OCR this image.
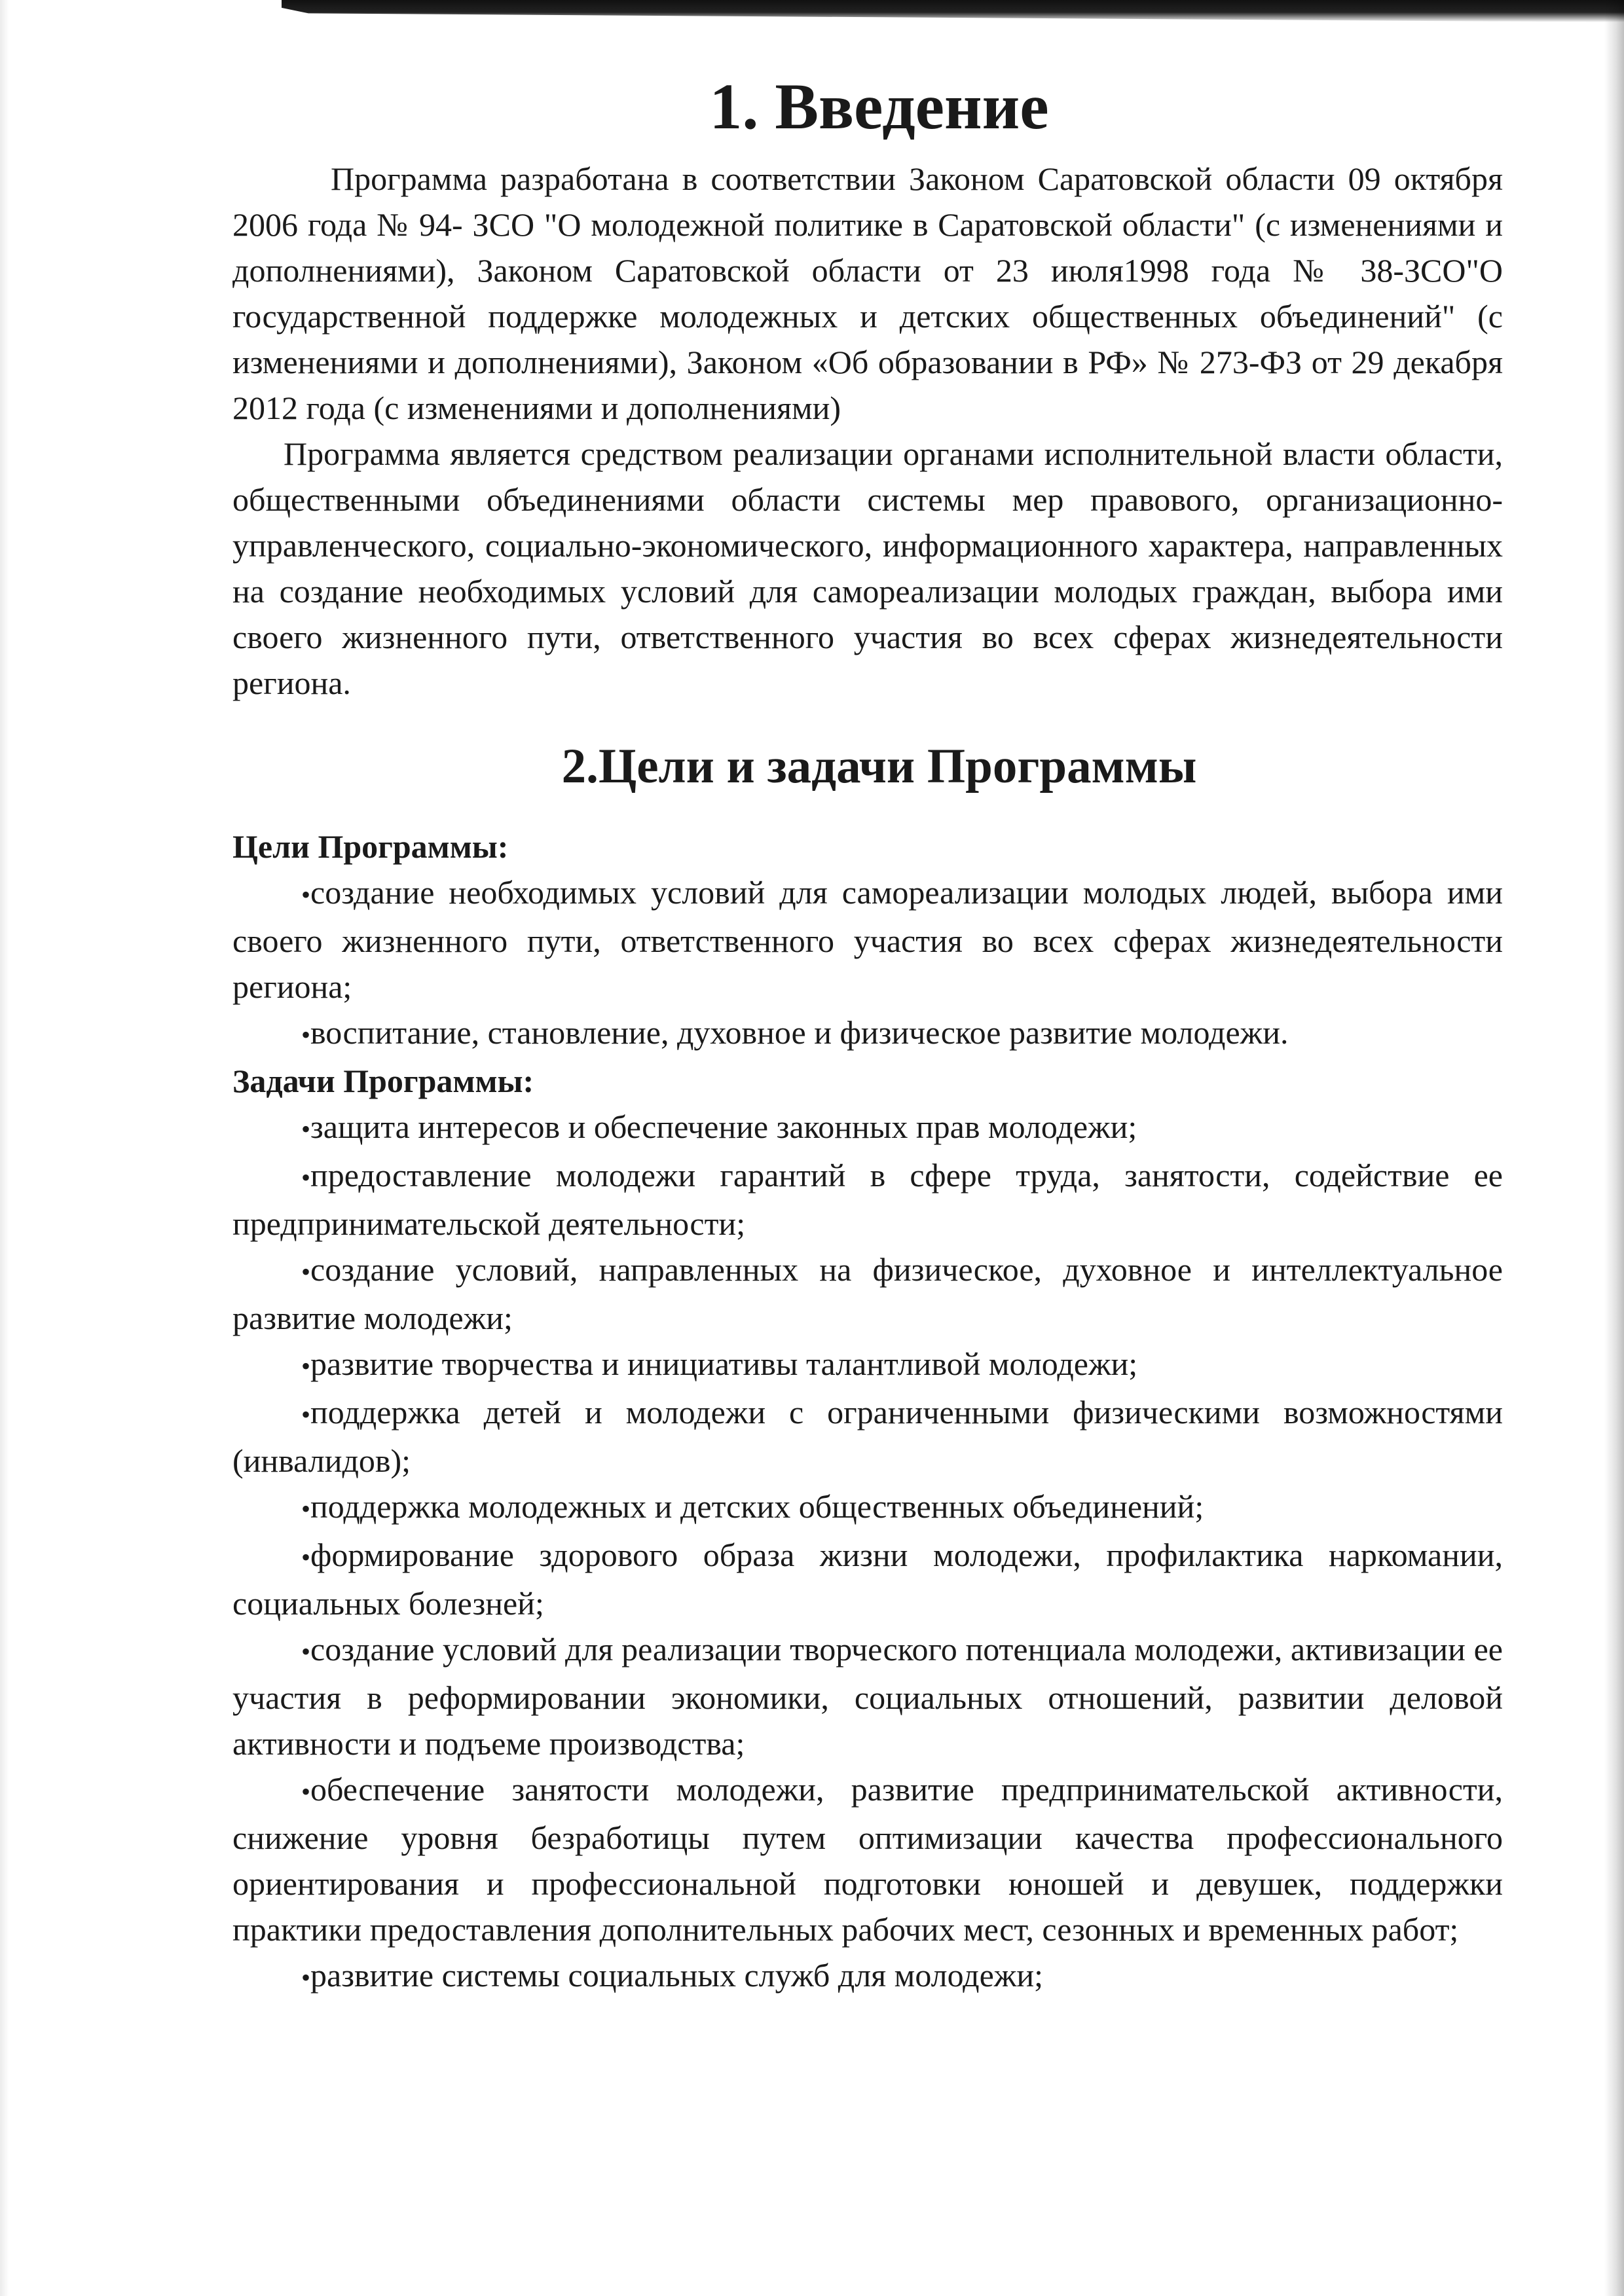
1. Введение

Программа разработана в соответствии Законом Саратовской области 09 октября 2006 года № 94- ЗСО "О молодежной политике в Саратовской области" (с изменениями и дополнениями), Законом Саратовской области от 23 июля1998 года № 38-ЗСО"О государственной поддержке молодежных и детских общественных объединений" (с изменениями и дополнениями), Законом «Об образовании в РФ» № 273-ФЗ от 29 декабря 2012 года (с изменениями и дополнениями)

Программа является средством реализации органами исполнительной власти области, общественными объединениями области системы мер правового, организационно-управленческого, социально-экономического, информационного характера, направленных на создание необходимых условий для самореализации молодых граждан, выбора ими своего жизненного пути, ответственного участия во всех сферах жизнедеятельности региона.

2.Цели и задачи Программы

Цели Программы:

•создание необходимых условий для самореализации молодых людей, выбора ими своего жизненного пути, ответственного участия во всех сферах жизнедеятельности региона;
•воспитание, становление, духовное и физическое развитие молодежи.

Задачи Программы:

•защита интересов и обеспечение законных прав молодежи;
•предоставление молодежи гарантий в сфере труда, занятости, содействие ее предпринимательской деятельности;
•создание условий, направленных на физическое, духовное и интеллектуальное развитие молодежи;
•развитие творчества и инициативы талантливой молодежи;
•поддержка детей и молодежи с ограниченными физическими возможностями (инвалидов);
•поддержка молодежных и детских общественных объединений;
•формирование здорового образа жизни молодежи, профилактика наркомании, социальных болезней;
•создание условий для реализации творческого потенциала молодежи, активизации ее участия в реформировании экономики, социальных отношений, развитии деловой активности и подъеме производства;
•обеспечение занятости молодежи, развитие предпринимательской активности, снижение уровня безработицы путем оптимизации качества профессионального ориентирования и профессиональной подготовки юношей и девушек, поддержки практики предоставления дополнительных рабочих мест, сезонных и временных работ;
•развитие системы социальных служб для молодежи;
